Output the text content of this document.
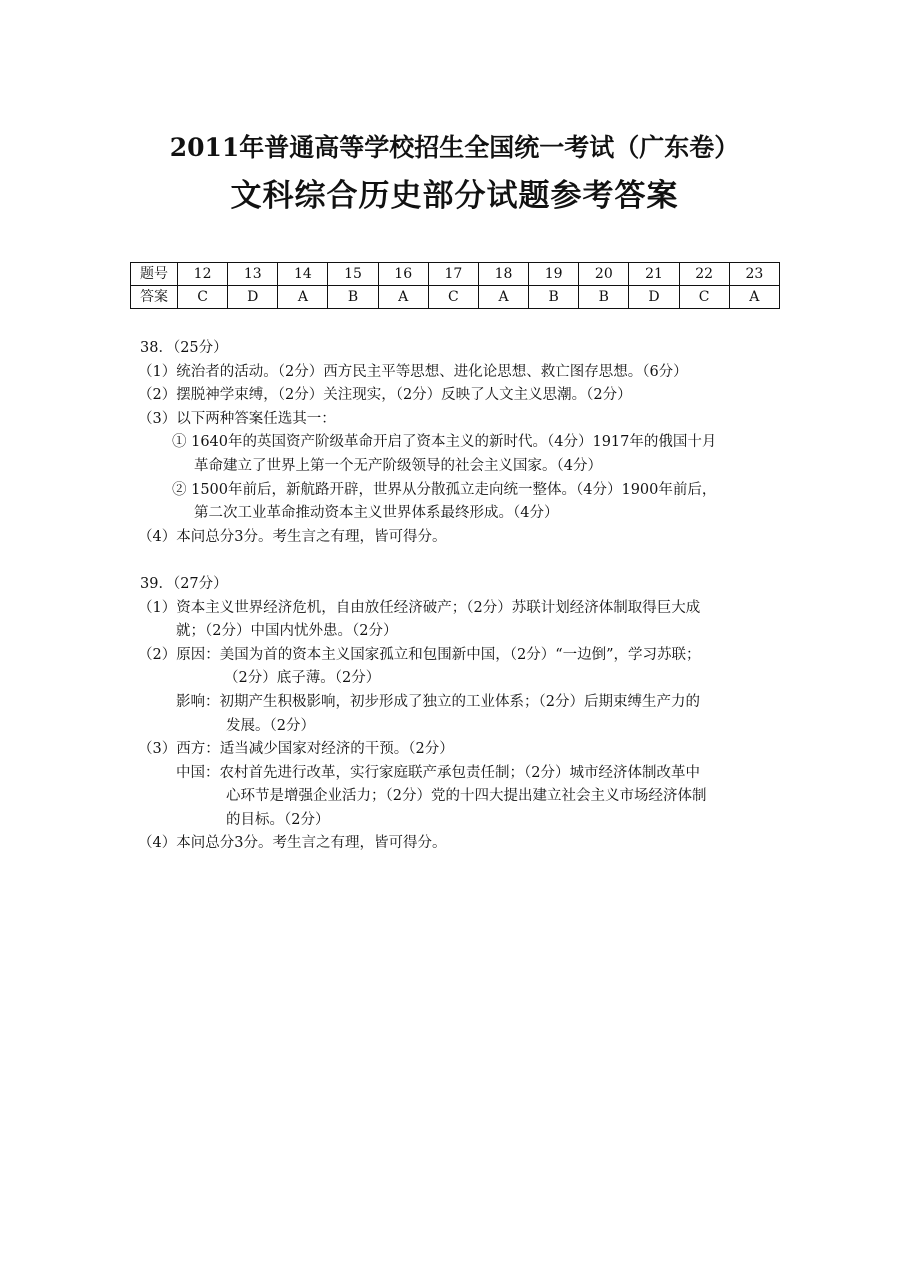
2011年普通高等学校招生全国统一考试（广东卷）
文科综合历史部分试题参考答案
题号	12	13	14	15	16	17	18	19	20	21	22	23
答案	C	D	A	B	A	C	A	B	B	D	C	A
38．（25分）
（1）统治者的活动。（2分）西方民主平等思想、进化论思想、救亡图存思想。（6分）
（2）摆脱神学束缚，（2分）关注现实，（2分）反映了人文主义思潮。（2分）
（3）以下两种答案任选其一：
① 1640年的英国资产阶级革命开启了资本主义的新时代。（4分）1917年的俄国十月
革命建立了世界上第一个无产阶级领导的社会主义国家。（4分）
② 1500年前后，新航路开辟，世界从分散孤立走向统一整体。（4分）1900年前后，
第二次工业革命推动资本主义世界体系最终形成。（4分）
（4）本问总分3分。考生言之有理，皆可得分。
39．（27分）
（1）资本主义世界经济危机，自由放任经济破产；（2分）苏联计划经济体制取得巨大成
就；（2分）中国内忧外患。（2分）
（2）原因：美国为首的资本主义国家孤立和包围新中国，（2分）“一边倒”，学习苏联；
（2分）底子薄。（2分）
影响：初期产生积极影响，初步形成了独立的工业体系；（2分）后期束缚生产力的
发展。（2分）
（3）西方：适当减少国家对经济的干预。（2分）
中国：农村首先进行改革，实行家庭联产承包责任制；（2分）城市经济体制改革中
心环节是增强企业活力；（2分）党的十四大提出建立社会主义市场经济体制
的目标。（2分）
（4）本问总分3分。考生言之有理，皆可得分。
